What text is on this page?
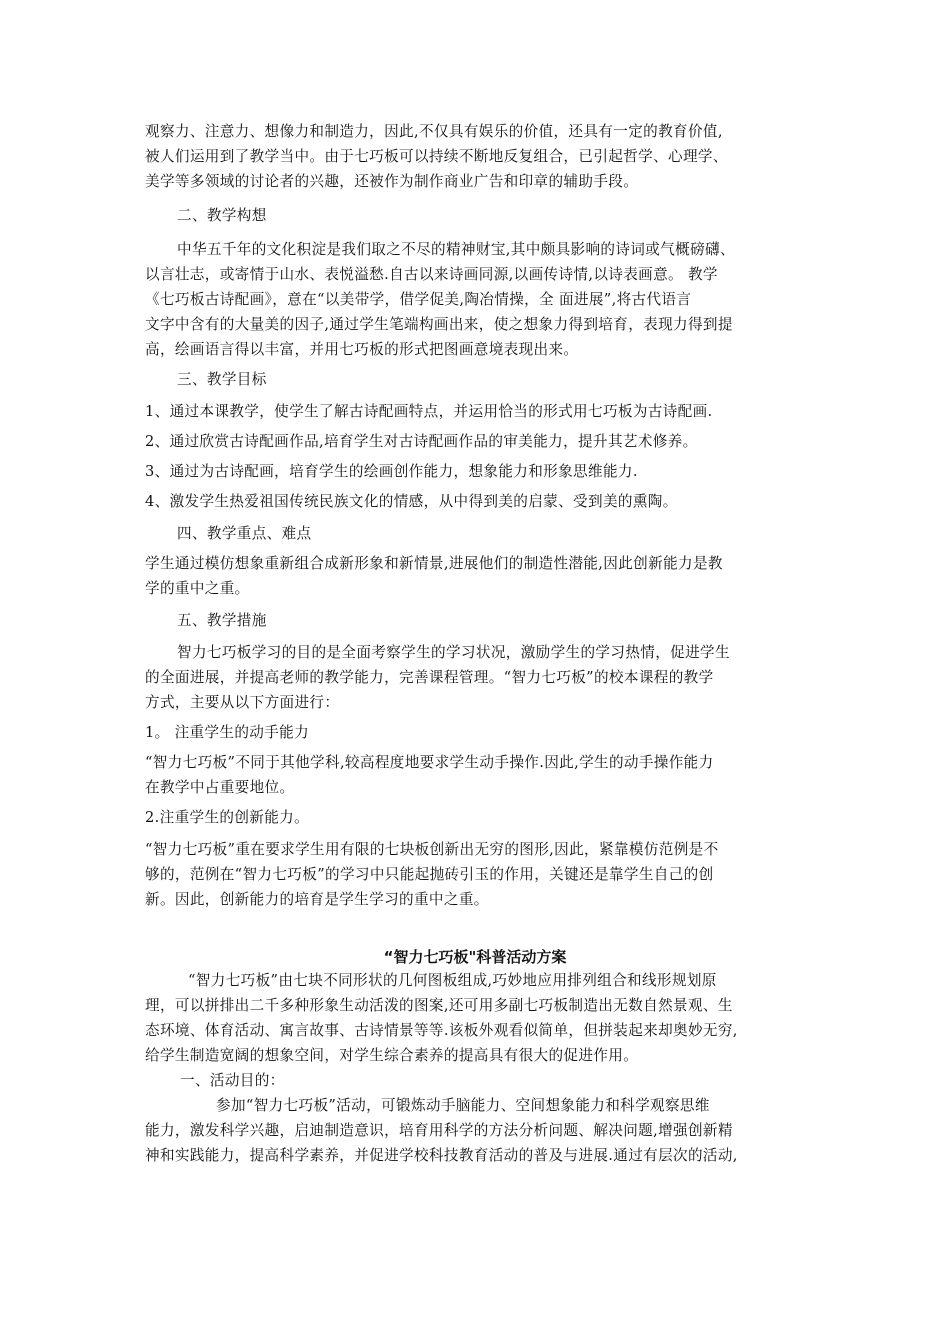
观察力、注意力、想像力和制造力，因此,不仅具有娱乐的价值，还具有一定的教育价值,
被人们运用到了教学当中。由于七巧板可以持续不断地反复组合，已引起哲学、心理学、
美学等多领域的讨论者的兴趣，还被作为制作商业广告和印章的辅助手段。
二、教学构想
中华五千年的文化积淀是我们取之不尽的精神财宝,其中颇具影响的诗词或气概磅礴、
以言壮志，或寄情于山水、表悦溢愁.自古以来诗画同源,以画传诗情,以诗表画意。 教学
《七巧板古诗配画》，意在“以美带学，借学促美,陶冶情操，全 面进展”,将古代语言
文字中含有的大量美的因子,通过学生笔端构画出来，使之想象力得到培育，表现力得到提
高，绘画语言得以丰富，并用七巧板的形式把图画意境表现出来。
三、教学目标
1、通过本课教学，使学生了解古诗配画特点，并运用恰当的形式用七巧板为古诗配画.
2、通过欣赏古诗配画作品,培育学生对古诗配画作品的审美能力，提升其艺术修养。
3、通过为古诗配画，培育学生的绘画创作能力，想象能力和形象思维能力.
4、激发学生热爱祖国传统民族文化的情感，从中得到美的启蒙、受到美的熏陶。
四、教学重点、难点
学生通过模仿想象重新组合成新形象和新情景,进展他们的制造性潜能,因此创新能力是教
学的重中之重。
五、教学措施
智力七巧板学习的目的是全面考察学生的学习状况，激励学生的学习热情，促进学生
的全面进展，并提高老师的教学能力，完善课程管理。“智力七巧板”的校本课程的教学
方式，主要从以下方面进行：
1。 注重学生的动手能力
“智力七巧板”不同于其他学科,较高程度地要求学生动手操作.因此,学生的动手操作能力
在教学中占重要地位。
2.注重学生的创新能力。
“智力七巧板”重在要求学生用有限的七块板创新出无穷的图形,因此，紧靠模仿范例是不
够的，范例在“智力七巧板”的学习中只能起抛砖引玉的作用，关键还是靠学生自己的创
新。因此，创新能力的培育是学生学习的重中之重。
“智力七巧板"科普活动方案
“智力七巧板”由七块不同形状的几何图板组成,巧妙地应用排列组合和线形规划原
理，可以拼排出二千多种形象生动活泼的图案,还可用多副七巧板制造出无数自然景观、生
态环境、体育活动、寓言故事、古诗情景等等.该板外观看似简单，但拼装起来却奥妙无穷,
给学生制造宽阔的想象空间，对学生综合素养的提高具有很大的促进作用。
一、活动目的：
参加“智力七巧板”活动，可锻炼动手脑能力、空间想象能力和科学观察思维
能力，激发科学兴趣，启迪制造意识，培育用科学的方法分析问题、解决问题,增强创新精
神和实践能力，提高科学素养，并促进学校科技教育活动的普及与进展.通过有层次的活动,
